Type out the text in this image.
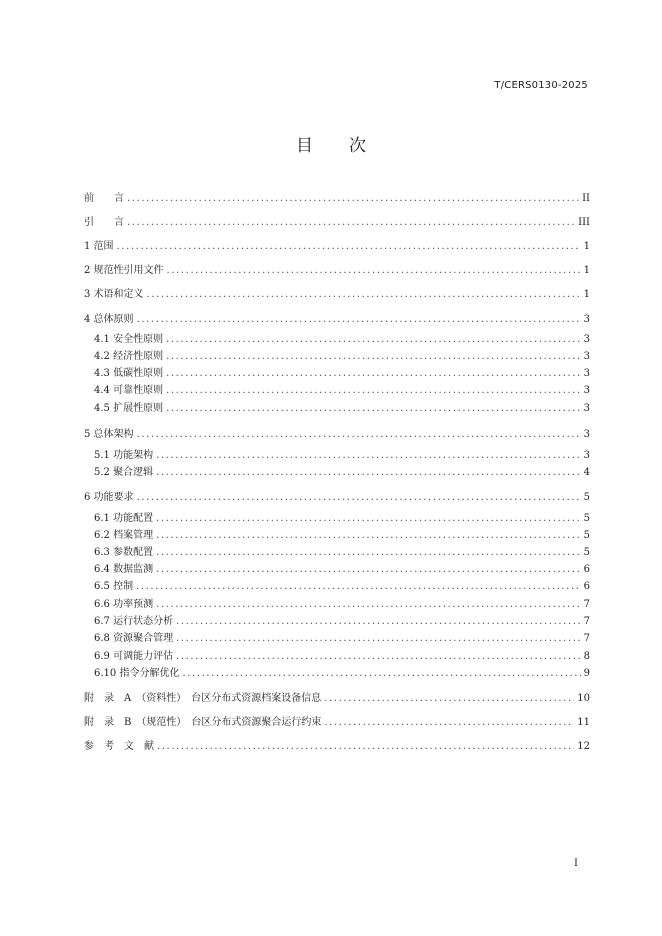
T/CERS0130-2025
目 次
前　　言 .....	II
引　　言 .....	III
1 范围 .....	1
2 规范性引用文件 .....	1
3 术语和定义 .....	1
4 总体原则 .....	3
4.1 安全性原则 .....	3
4.2 经济性原则 .....	3
4.3 低碳性原则 .....	3
4.4 可靠性原则 .....	3
4.5 扩展性原则 .....	3
5 总体架构 .....	3
5.1 功能架构 .....	3
5.2 聚合逻辑 .....	4
6 功能要求 .....	5
6.1 功能配置 .....	5
6.2 档案管理 .....	5
6.3 参数配置 .....	5
6.4 数据监测 .....	6
6.5 控制 .....	6
6.6 功率预测 .....	7
6.7 运行状态分析 .....	7
6.8 资源聚合管理 .....	7
6.9 可调能力评估 .....	8
6.10 指令分解优化 .....	9
附　录　A　（资料性）　台区分布式资源档案设备信息 .....	10
附　录　B　（规范性）　台区分布式资源聚合运行约束 .....	11
参　考　文　献 .....	12
I
